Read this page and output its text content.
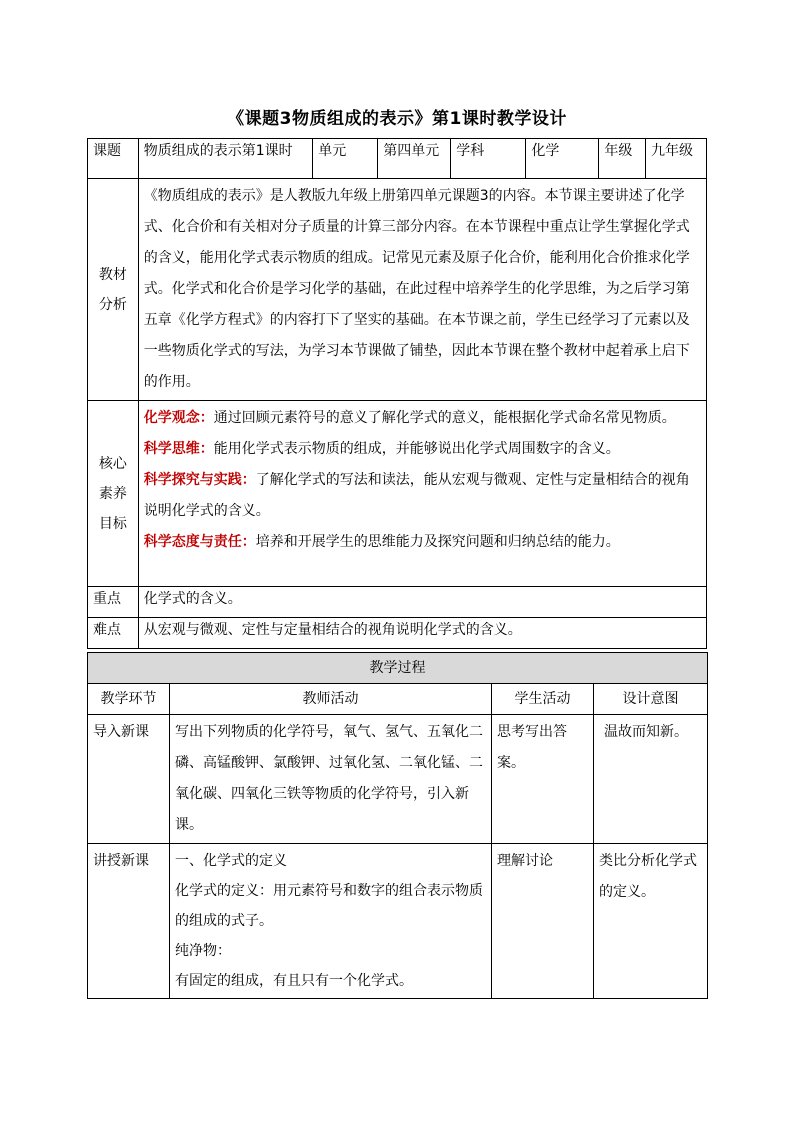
《课题3物质组成的表示》第1课时教学设计
课题	物质组成的表示第1课时	单元	第四单元	学科	化学	年级	九年级
教材分析	《物质组成的表示》是人教版九年级上册第四单元课题3的内容。本节课主要讲述了化学式、化合价和有关相对分子质量的计算三部分内容。在本节课程中重点让学生掌握化学式的含义，能用化学式表示物质的组成。记常见元素及原子化合价，能利用化合价推求化学式。化学式和化合价是学习化学的基础，在此过程中培养学生的化学思维，为之后学习第五章《化学方程式》的内容打下了坚实的基础。在本节课之前，学生已经学习了元素以及一些物质化学式的写法，为学习本节课做了铺垫，因此本节课在整个教材中起着承上启下的作用。						
核心素养目标	化学观念：通过回顾元素符号的意义了解化学式的意义，能根据化学式命名常见物质。

科学思维：能用化学式表示物质的组成，并能够说出化学式周围数字的含义。

科学探究与实践：了解化学式的写法和读法，能从宏观与微观、定性与定量相结合的视角说明化学式的含义。

科学态度与责任：培养和开展学生的思维能力及探究问题和归纳总结的能力。						

重点	化学式的含义。						
难点	从宏观与微观、定性与定量相结合的视角说明化学式的含义。						
教学过程			
教学环节	教师活动	学生活动	设计意图
导入新课	写出下列物质的化学符号，氧气、氢气、五氧化二磷、高锰酸钾、氯酸钾、过氧化氢、二氧化锰、二氧化碳、四氧化三铁等物质的化学符号，引入新课。	思考写出答案。	温故而知新。
讲授新课	一、化学式的定义
化学式的定义：用元素符号和数字的组合表示物质的组成的式子。
纯净物：
有固定的组成，有且只有一个化学式。	理解讨论	类比分析化学式的定义。
